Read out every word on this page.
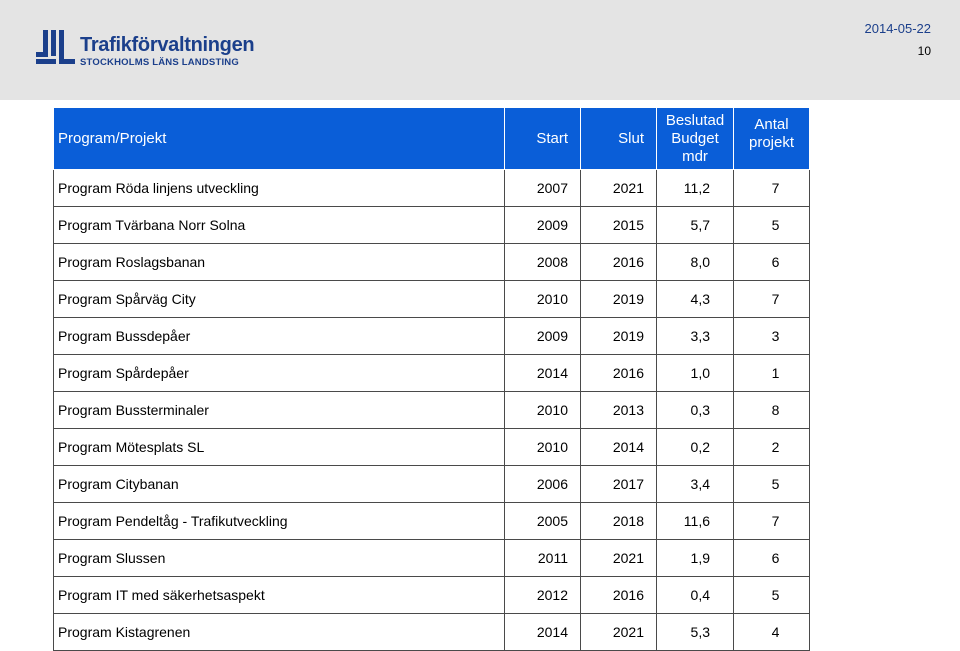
Trafikförvaltningen
STOCKHOLMS LÄNS LANDSTING
2014-05-22
10
Program/Projekt	Start	Slut	Beslutad Budget mdr	Antal projekt
Program Röda linjens utveckling	2007	2021	11,2	7
Program Tvärbana Norr Solna	2009	2015	5,7	5
Program Roslagsbanan	2008	2016	8,0	6
Program Spårväg City	2010	2019	4,3	7
Program Bussdepåer	2009	2019	3,3	3
Program Spårdepåer	2014	2016	1,0	1
Program Bussterminaler	2010	2013	0,3	8
Program Mötesplats SL	2010	2014	0,2	2
Program Citybanan	2006	2017	3,4	5
Program Pendeltåg - Trafikutveckling	2005	2018	11,6	7
Program Slussen	2011	2021	1,9	6
Program IT med säkerhetsaspekt	2012	2016	0,4	5
Program Kistagrenen	2014	2021	5,3	4
